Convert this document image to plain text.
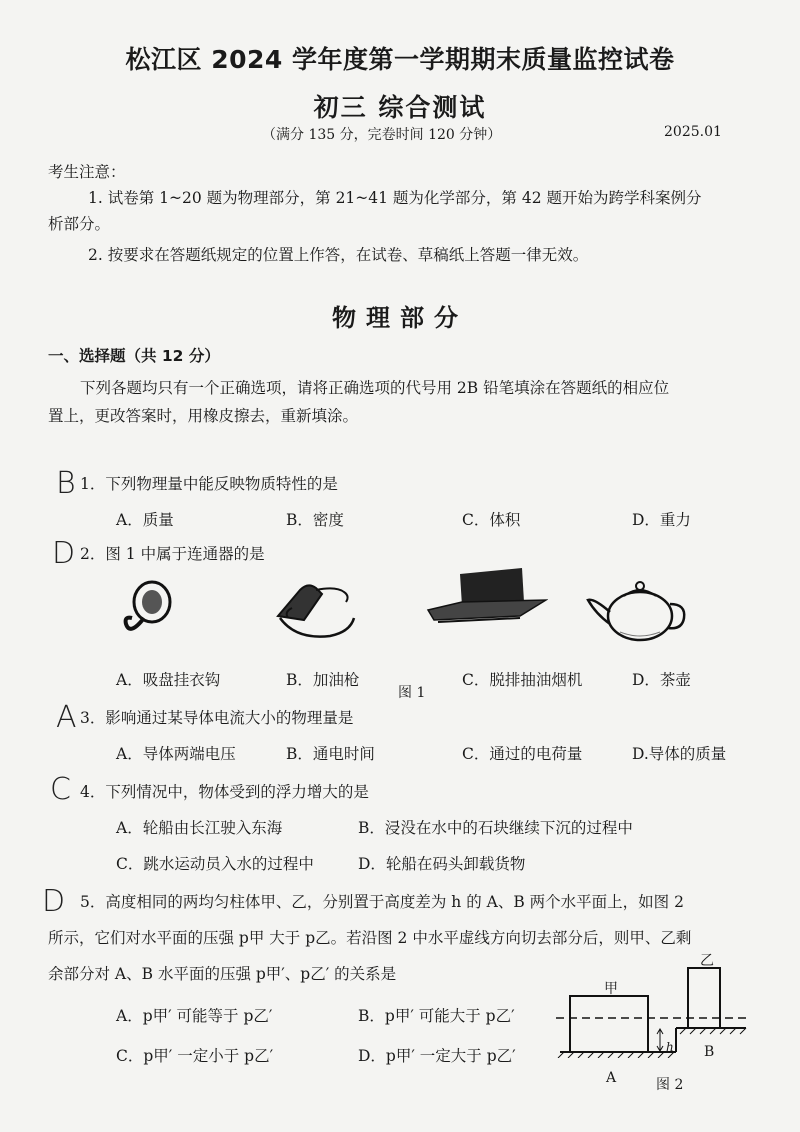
松江区 2024 学年度第一学期期末质量监控试卷
初三 综合测试
（满分 135 分，完卷时间 120 分钟）	2025.01
考生注意：
1. 试卷第 1~20 题为物理部分，第 21~41 题为化学部分，第 42 题开始为跨学科案例分
析部分。
2. 按要求在答题纸规定的位置上作答，在试卷、草稿纸上答题一律无效。
物理部分
一、选择题（共 12 分）
下列各题均只有一个正确选项，请将正确选项的代号用 2B 铅笔填涂在答题纸的相应位
置上，更改答案时，用橡皮擦去，重新填涂。
B 1．下列物理量中能反映物质特性的是
A．质量	B．密度	C．体积	D．重力
D 2．图 1 中属于连通器的是
A．吸盘挂衣钩	B．加油枪
图 1
C．脱排抽油烟机	D．茶壶
A 3．影响通过某导体电流大小的物理量是
A．导体两端电压	B．通电时间	C．通过的电荷量	D.导体的质量
C 4．下列情况中，物体受到的浮力增大的是
A．轮船由长江驶入东海	B．浸没在水中的石块继续下沉的过程中
C．跳水运动员入水的过程中	D．轮船在码头卸载货物
D 5．高度相同的两均匀柱体甲、乙，分别置于高度差为 h 的 A、B 两个水平面上，如图 2
所示，它们对水平面的压强 p甲 大于 p乙。若沿图 2 中水平虚线方向切去部分后，则甲、乙剩
余部分对 A、B 水平面的压强 p甲′、p乙′ 的关系是
A．p甲′ 可能等于 p乙′	B．p甲′ 可能大于 p乙′
C．p甲′ 一定小于 p乙′	D．p甲′ 一定大于 p乙′
甲
乙
h
A
B
图 2
